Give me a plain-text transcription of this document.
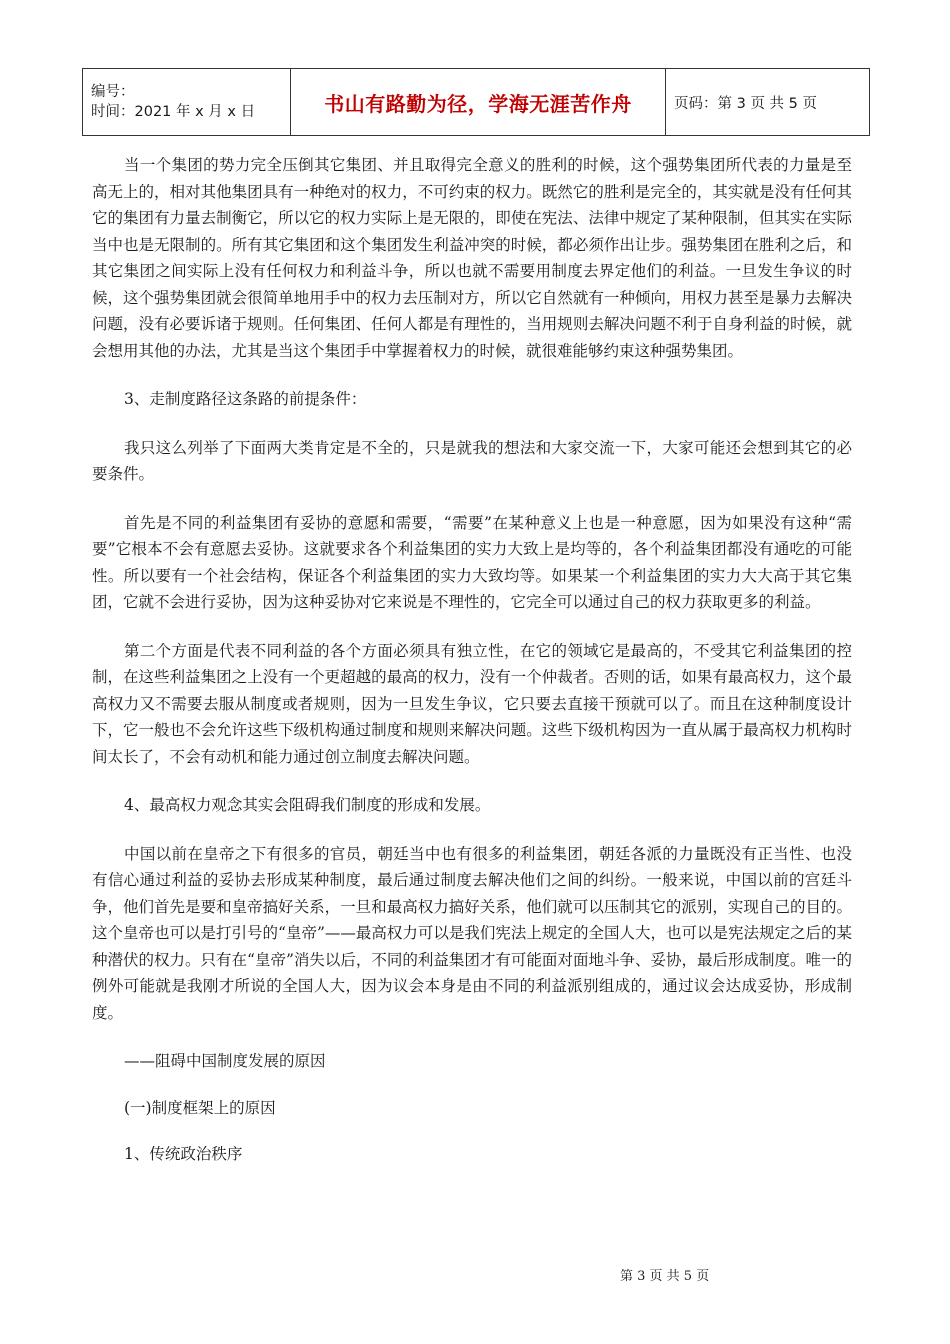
编号：
时间：2021 年 x 月 x 日	书山有路勤为径，学海无涯苦作舟	页码：第 3 页 共 5 页

当一个集团的势力完全压倒其它集团、并且取得完全意义的胜利的时候，这个强势集团所代表的力量是至高无上的，相对其他集团具有一种绝对的权力，不可约束的权力。既然它的胜利是完全的，其实就是没有任何其它的集团有力量去制衡它，所以它的权力实际上是无限的，即使在宪法、法律中规定了某种限制，但其实在实际当中也是无限制的。所有其它集团和这个集团发生利益冲突的时候，都必须作出让步。强势集团在胜利之后，和其它集团之间实际上没有任何权力和利益斗争，所以也就不需要用制度去界定他们的利益。一旦发生争议的时候，这个强势集团就会很简单地用手中的权力去压制对方，所以它自然就有一种倾向，用权力甚至是暴力去解决问题，没有必要诉诸于规则。任何集团、任何人都是有理性的，当用规则去解决问题不利于自身利益的时候，就会想用其他的办法，尤其是当这个集团手中掌握着权力的时候，就很难能够约束这种强势集团。

3、走制度路径这条路的前提条件：

我只这么列举了下面两大类肯定是不全的，只是就我的想法和大家交流一下，大家可能还会想到其它的必要条件。

首先是不同的利益集团有妥协的意愿和需要，“需要”在某种意义上也是一种意愿，因为如果没有这种“需要”它根本不会有意愿去妥协。这就要求各个利益集团的实力大致上是均等的，各个利益集团都没有通吃的可能性。所以要有一个社会结构，保证各个利益集团的实力大致均等。如果某一个利益集团的实力大大高于其它集团，它就不会进行妥协，因为这种妥协对它来说是不理性的，它完全可以通过自己的权力获取更多的利益。

第二个方面是代表不同利益的各个方面必须具有独立性，在它的领域它是最高的，不受其它利益集团的控制，在这些利益集团之上没有一个更超越的最高的权力，没有一个仲裁者。否则的话，如果有最高权力，这个最高权力又不需要去服从制度或者规则，因为一旦发生争议，它只要去直接干预就可以了。而且在这种制度设计下，它一般也不会允许这些下级机构通过制度和规则来解决问题。这些下级机构因为一直从属于最高权力机构时间太长了，不会有动机和能力通过创立制度去解决问题。

4、最高权力观念其实会阻碍我们制度的形成和发展。

中国以前在皇帝之下有很多的官员，朝廷当中也有很多的利益集团，朝廷各派的力量既没有正当性、也没有信心通过利益的妥协去形成某种制度，最后通过制度去解决他们之间的纠纷。一般来说，中国以前的宫廷斗争，他们首先是要和皇帝搞好关系，一旦和最高权力搞好关系，他们就可以压制其它的派别，实现自己的目的。这个皇帝也可以是打引号的“皇帝”——最高权力可以是我们宪法上规定的全国人大，也可以是宪法规定之后的某种潜伏的权力。只有在“皇帝”消失以后，不同的利益集团才有可能面对面地斗争、妥协，最后形成制度。唯一的例外可能就是我刚才所说的全国人大，因为议会本身是由不同的利益派别组成的，通过议会达成妥协，形成制度。

——阻碍中国制度发展的原因

(一)制度框架上的原因

1、传统政治秩序

第 3 页 共 5 页
